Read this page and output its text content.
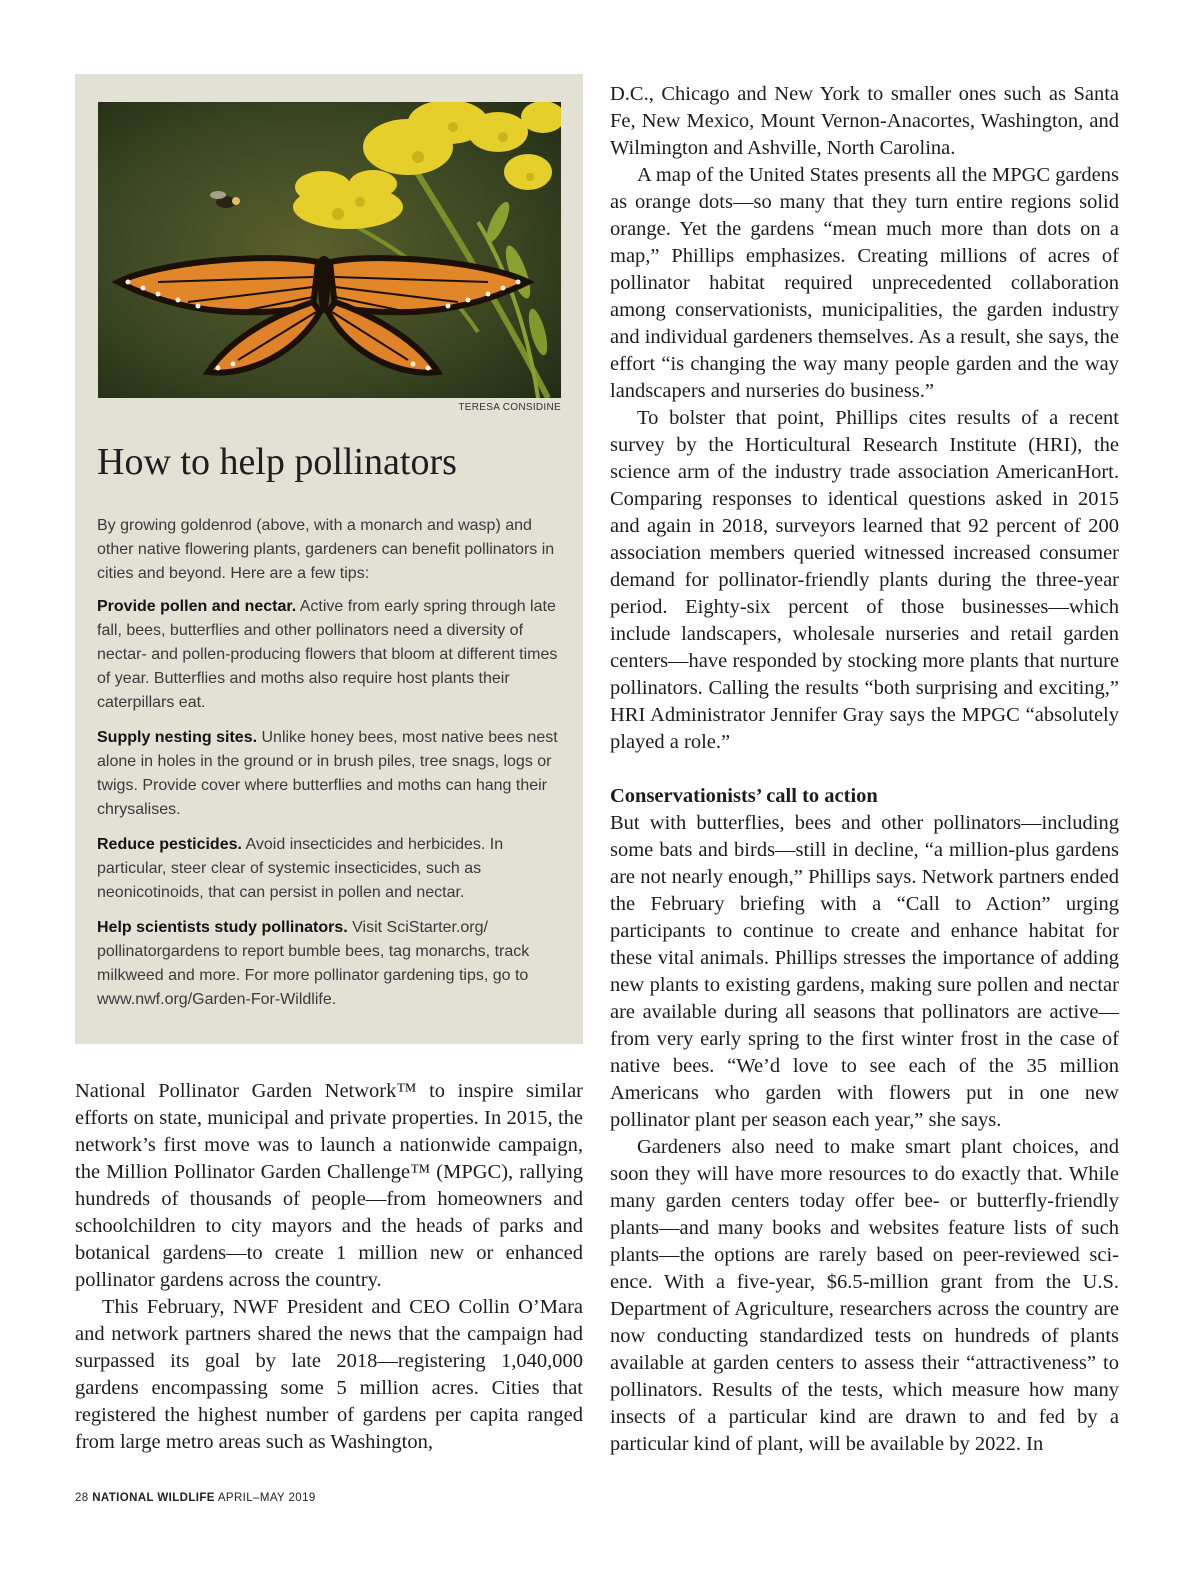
TERESA CONSIDINE
How to help pollinators

By growing goldenrod (above, with a monarch and wasp) and other native flowering plants, gardeners can benefit pollinators in cities and beyond. Here are a few tips:

Provide pollen and nectar. Active from early spring through late fall, bees, butterflies and other pollinators need a diversity of nectar- and pollen-producing flowers that bloom at different times of year. Butterflies and moths also require host plants their caterpillars eat.

Supply nesting sites. Unlike honey bees, most native bees nest alone in holes in the ground or in brush piles, tree snags, logs or twigs. Provide cover where butterflies and moths can hang their chrysalises.

Reduce pesticides. Avoid insecticides and herbicides. In particular, steer clear of systemic insecticides, such as neonicotinoids, that can persist in pollen and nectar.

Help scientists study pollinators. Visit SciStarter.org/ pollinatorgardens to report bumble bees, tag monarchs, track milkweed and more. For more pollinator gardening tips, go to www.nwf.org/Garden-For-Wildlife.

National Pollinator Garden Network™ to inspire similar efforts on state, municipal and private properties. In 2015, the network’s first move was to launch a nationwide campaign, the Million Pollinator Garden Challenge™ (MPGC), rallying hundreds of thousands of people—from homeowners and schoolchildren to city mayors and the heads of parks and botanical gardens—to create 1 million new or enhanced pollinator gardens across the country.

This February, NWF President and CEO Collin O’Mara and network partners shared the news that the campaign had surpassed its goal by late 2018—registering 1,040,000 gardens encompassing some 5 million acres. Cities that registered the highest number of gardens per capita ranged from large metro areas such as Washington,

D.C., Chicago and New York to smaller ones such as Santa Fe, New Mexico, Mount Vernon-Anacortes, Washington, and Wilmington and Ashville, North Carolina.

A map of the United States presents all the MPGC gardens as orange dots—so many that they turn entire regions solid orange. Yet the gardens “mean much more than dots on a map,” Phillips emphasizes. Creating millions of acres of pollinator habitat required unprecedented collaboration among conservationists, municipalities, the garden industry and individual gardeners themselves. As a result, she says, the effort “is changing the way many people garden and the way landscapers and nurseries do business.”

To bolster that point, Phillips cites results of a recent survey by the Horticultural Research Institute (HRI), the science arm of the industry trade association AmericanHort. Comparing responses to identical questions asked in 2015 and again in 2018, surveyors learned that 92 percent of 200 association members queried witnessed increased consumer demand for pollinator-friendly plants during the three-year period. Eighty-six percent of those businesses—which include landscapers, wholesale nurseries and retail garden centers—have responded by stocking more plants that nurture pollinators. Calling the results “both surprising and exciting,” HRI Administrator Jennifer Gray says the MPGC “absolutely played a role.”

Conservationists’ call to action

But with butterflies, bees and other pollinators—including some bats and birds—still in decline, “a million-plus gardens are not nearly enough,” Phillips says. Network partners ended the February briefing with a “Call to Action” urging participants to continue to create and enhance habitat for these vital animals. Phillips stresses the importance of adding new plants to existing gardens, making sure pollen and nectar are available during all seasons that pollinators are active—from very early spring to the first winter frost in the case of native bees. “We’d love to see each of the 35 million Americans who garden with flowers put in one new pollinator plant per season each year,” she says.

Gardeners also need to make smart plant choices, and soon they will have more resources to do exactly that. While many garden centers today offer bee- or butterfly-friendly plants—and many books and websites feature lists of such plants—the options are rarely based on peer-reviewed science. With a five-year, $6.5-million grant from the U.S. Department of Agriculture, researchers across the country are now conducting standardized tests on hundreds of plants available at garden centers to assess their “attractiveness” to pollinators. Results of the tests, which measure how many insects of a particular kind are drawn to and fed by a particular kind of plant, will be available by 2022. In

28 NATIONAL WILDLIFE APRIL–MAY 2019
